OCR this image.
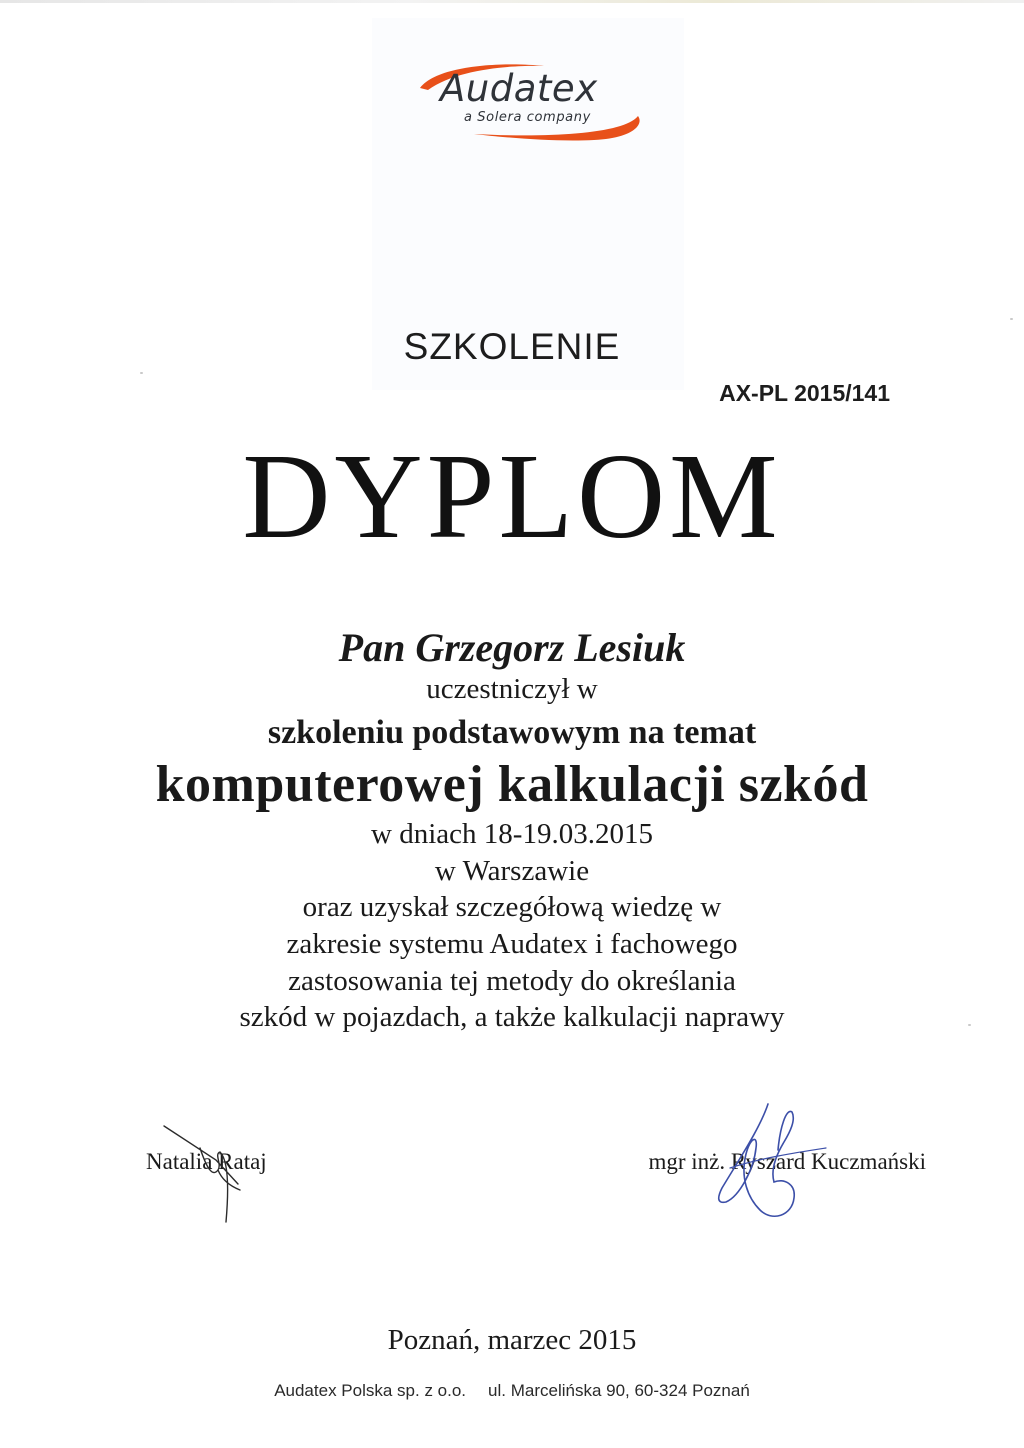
Audatex
a Solera company
SZKOLENIE
AX-PL 2015/141
DYPLOM
Pan Grzegorz Lesiuk
uczestniczył w
szkoleniu podstawowym na temat
komputerowej kalkulacji szkód
w dniach 18-19.03.2015
w Warszawie
oraz uzyskał szczegółową wiedzę w
zakresie systemu Audatex i fachowego
zastosowania tej metody do określania
szkód w pojazdach, a także kalkulacji naprawy
Natalia Rataj	mgr inż. Ryszard Kuczmański
Poznań, marzec 2015
Audatex Polska sp. z o.o. ul. Marcelińska 90, 60-324 Poznań
